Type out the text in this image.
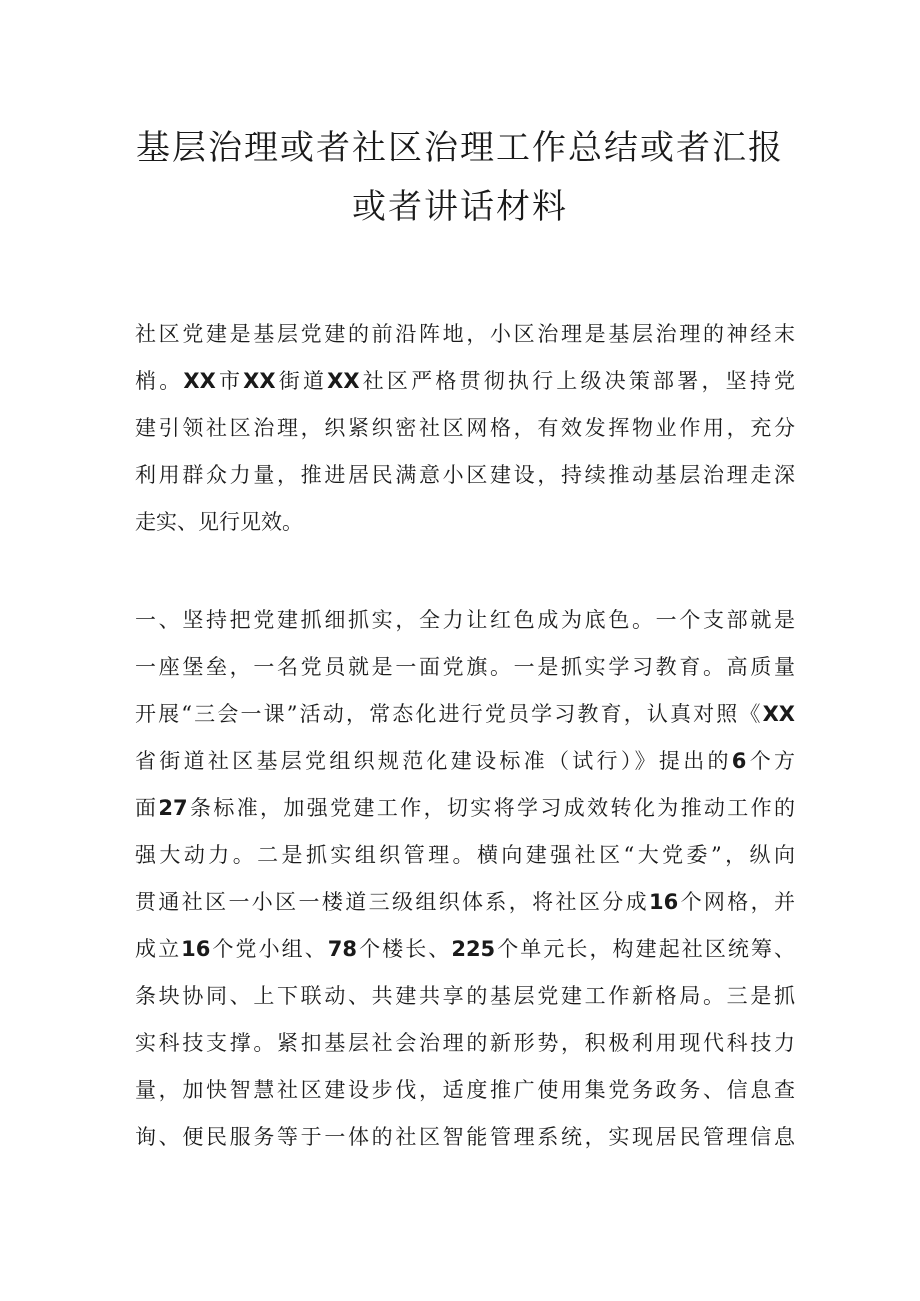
基层治理或者社区治理工作总结或者汇报
或者讲话材料
社区党建是基层党建的前沿阵地，小区治理是基层治理的神经末
梢。XX市XX街道XX社区严格贯彻执行上级决策部署，坚持党
建引领社区治理，织紧织密社区网格，有效发挥物业作用，充分
利用群众力量，推进居民满意小区建设，持续推动基层治理走深
走实、见行见效。
一、坚持把党建抓细抓实，全力让红色成为底色。一个支部就是
一座堡垒，一名党员就是一面党旗。一是抓实学习教育。高质量
开展“三会一课”活动，常态化进行党员学习教育，认真对照《XX
省街道社区基层党组织规范化建设标准（试行）》提出的6个方
面27条标准，加强党建工作，切实将学习成效转化为推动工作的
强大动力。二是抓实组织管理。横向建强社区“大党委”，纵向
贯通社区一小区一楼道三级组织体系，将社区分成16个网格，并
成立16个党小组、78个楼长、225个单元长，构建起社区统筹、
条块协同、上下联动、共建共享的基层党建工作新格局。三是抓
实科技支撑。紧扣基层社会治理的新形势，积极利用现代科技力
量，加快智慧社区建设步伐，适度推广使用集党务政务、信息查
询、便民服务等于一体的社区智能管理系统，实现居民管理信息
